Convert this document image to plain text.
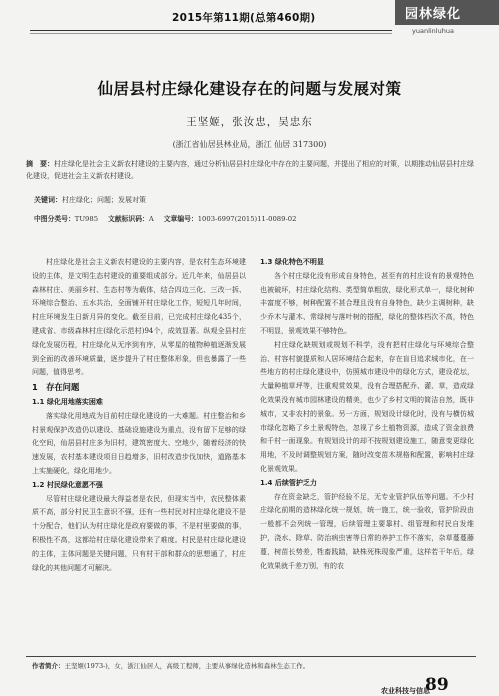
2015年第11期(总第460期)	园林绿化
yuanlinluhua
仙居县村庄绿化建设存在的问题与发展对策
王坚姬，张汝忠，吴忠东
(浙江省仙居县林业局，浙江 仙居 317300)
摘　要：村庄绿化是社会主义新农村建设的主要内容，通过分析仙居县村庄绿化中存在的主要问题，并提出了相应的对策，以期推动仙居县村庄绿化建设，促进社会主义新农村建设。
关键词：村庄绿化；问题；发展对策
中图分类号：TU985 文献标识码：A 文章编号：1003-6997(2015)11-0089-02

村庄绿化是社会主义新农村建设的主要内容，是农村生态环境建设的主体，是文明生态村建设的重要组成部分。近几年来，仙居县以森林村庄、美丽乡村、生态村等为载体，结合四边三化、三改一拆、环境综合整治、五水共治，全面铺开村庄绿化工作，短短几年时间，村庄环境发生日新月异的变化。截至目前，已完成村庄绿化435个，建成省、市级森林村庄(绿化示范村)94个，成效显著。纵观全县村庄绿化发展历程，村庄绿化从无序到有序，从零星的植物种植逐渐发展到全面的改善环境质量，逐步提升了村庄整体形象，但也暴露了一些问题，值得思考。

1　存在问题
1.1 绿化用地落实困难

落实绿化用地成为目前村庄绿化建设的一大难题。村庄整治和乡村景观保护改造仍以建设、基础设施建设为重点，没有留下足够的绿化空间，仙居县村庄多为旧村，建筑密度大、空地少，随着经济的快速发展，农村基本建设项目日趋增多，旧村改造步伐加快，道路基本上实施硬化，绿化用地少。

1.2 村民绿化意愿不强

尽管村庄绿化建设最大得益者是农民，但现实当中，农民整体素质不高，部分村民卫生意识不强，还有一些村民对村庄绿化建设不是十分配合，他们认为村庄绿化是政府要做的事，不是村里要做的事，积极性不高，这都给村庄绿化建设带来了难度。村民是村庄绿化建设的主体，主体问题是关键问题，只有村干部和群众的思想通了，村庄绿化的其他问题才可解决。

1.3 绿化特色不明显

各个村庄绿化没有形成自身特色，甚至有的村庄设有的景观特色也被破坏，村庄绿化结构、类型简单粗放，绿化形式单一，绿化树种丰富度不够，树种配置不甚合理且没有自身特色，缺少主调树种，缺少乔木与灌木、常绿树与落叶树的搭配，绿化的整体档次不高，特色不明显，景观效果不够特色。

村庄绿化缺规划或规划不科学，没有把村庄绿化与环境综合整治、村容村貌提质和人居环境结合起来，存在盲目追求城市化，在一些地方的村庄绿化建设中，仿照城市建设中的绿化方式，建设花坛，大量种植草坪等，注重观赏效果，没有合理搭配乔、灌、草，造成绿化效果没有城市园林建设的精美，也少了乡村文明的简洁自然，既非城市，又非农村的景象。另一方面，规划设计绿化时，没有与横仿城市绿化忽略了乡土景观特色，忽视了乡土植物资源，造成了资金浪费和千村一面现象。有规划设计的却不按规划建设施工，随意变更绿化用地，不及时调整规划方案，随时改变苗木规格和配置，影响村庄绿化景观效果。

1.4 后续管护乏力

存在资金缺乏，管护经验不足，无专业管护队伍等问题。不少村庄绿化前期的造林绿化统一规划，统一施工，统一验收，管护阶段由一般都不会列统一管理，后续管理主要靠村、组管理和村民自发维护，浇水、除草、防治病虫害等日常的养护工作不落实，杂草蔓蔓藤蔓，树苗长势差，牲畜践踏，缺株死株现象严重，这样若干年后，绿化效果就千差万别，有的农

作者简介：王坚姬(1973-)，女，浙江仙居人，高级工程师，主要从事绿化造林和森林生态工作。
农业科技与信息
89
